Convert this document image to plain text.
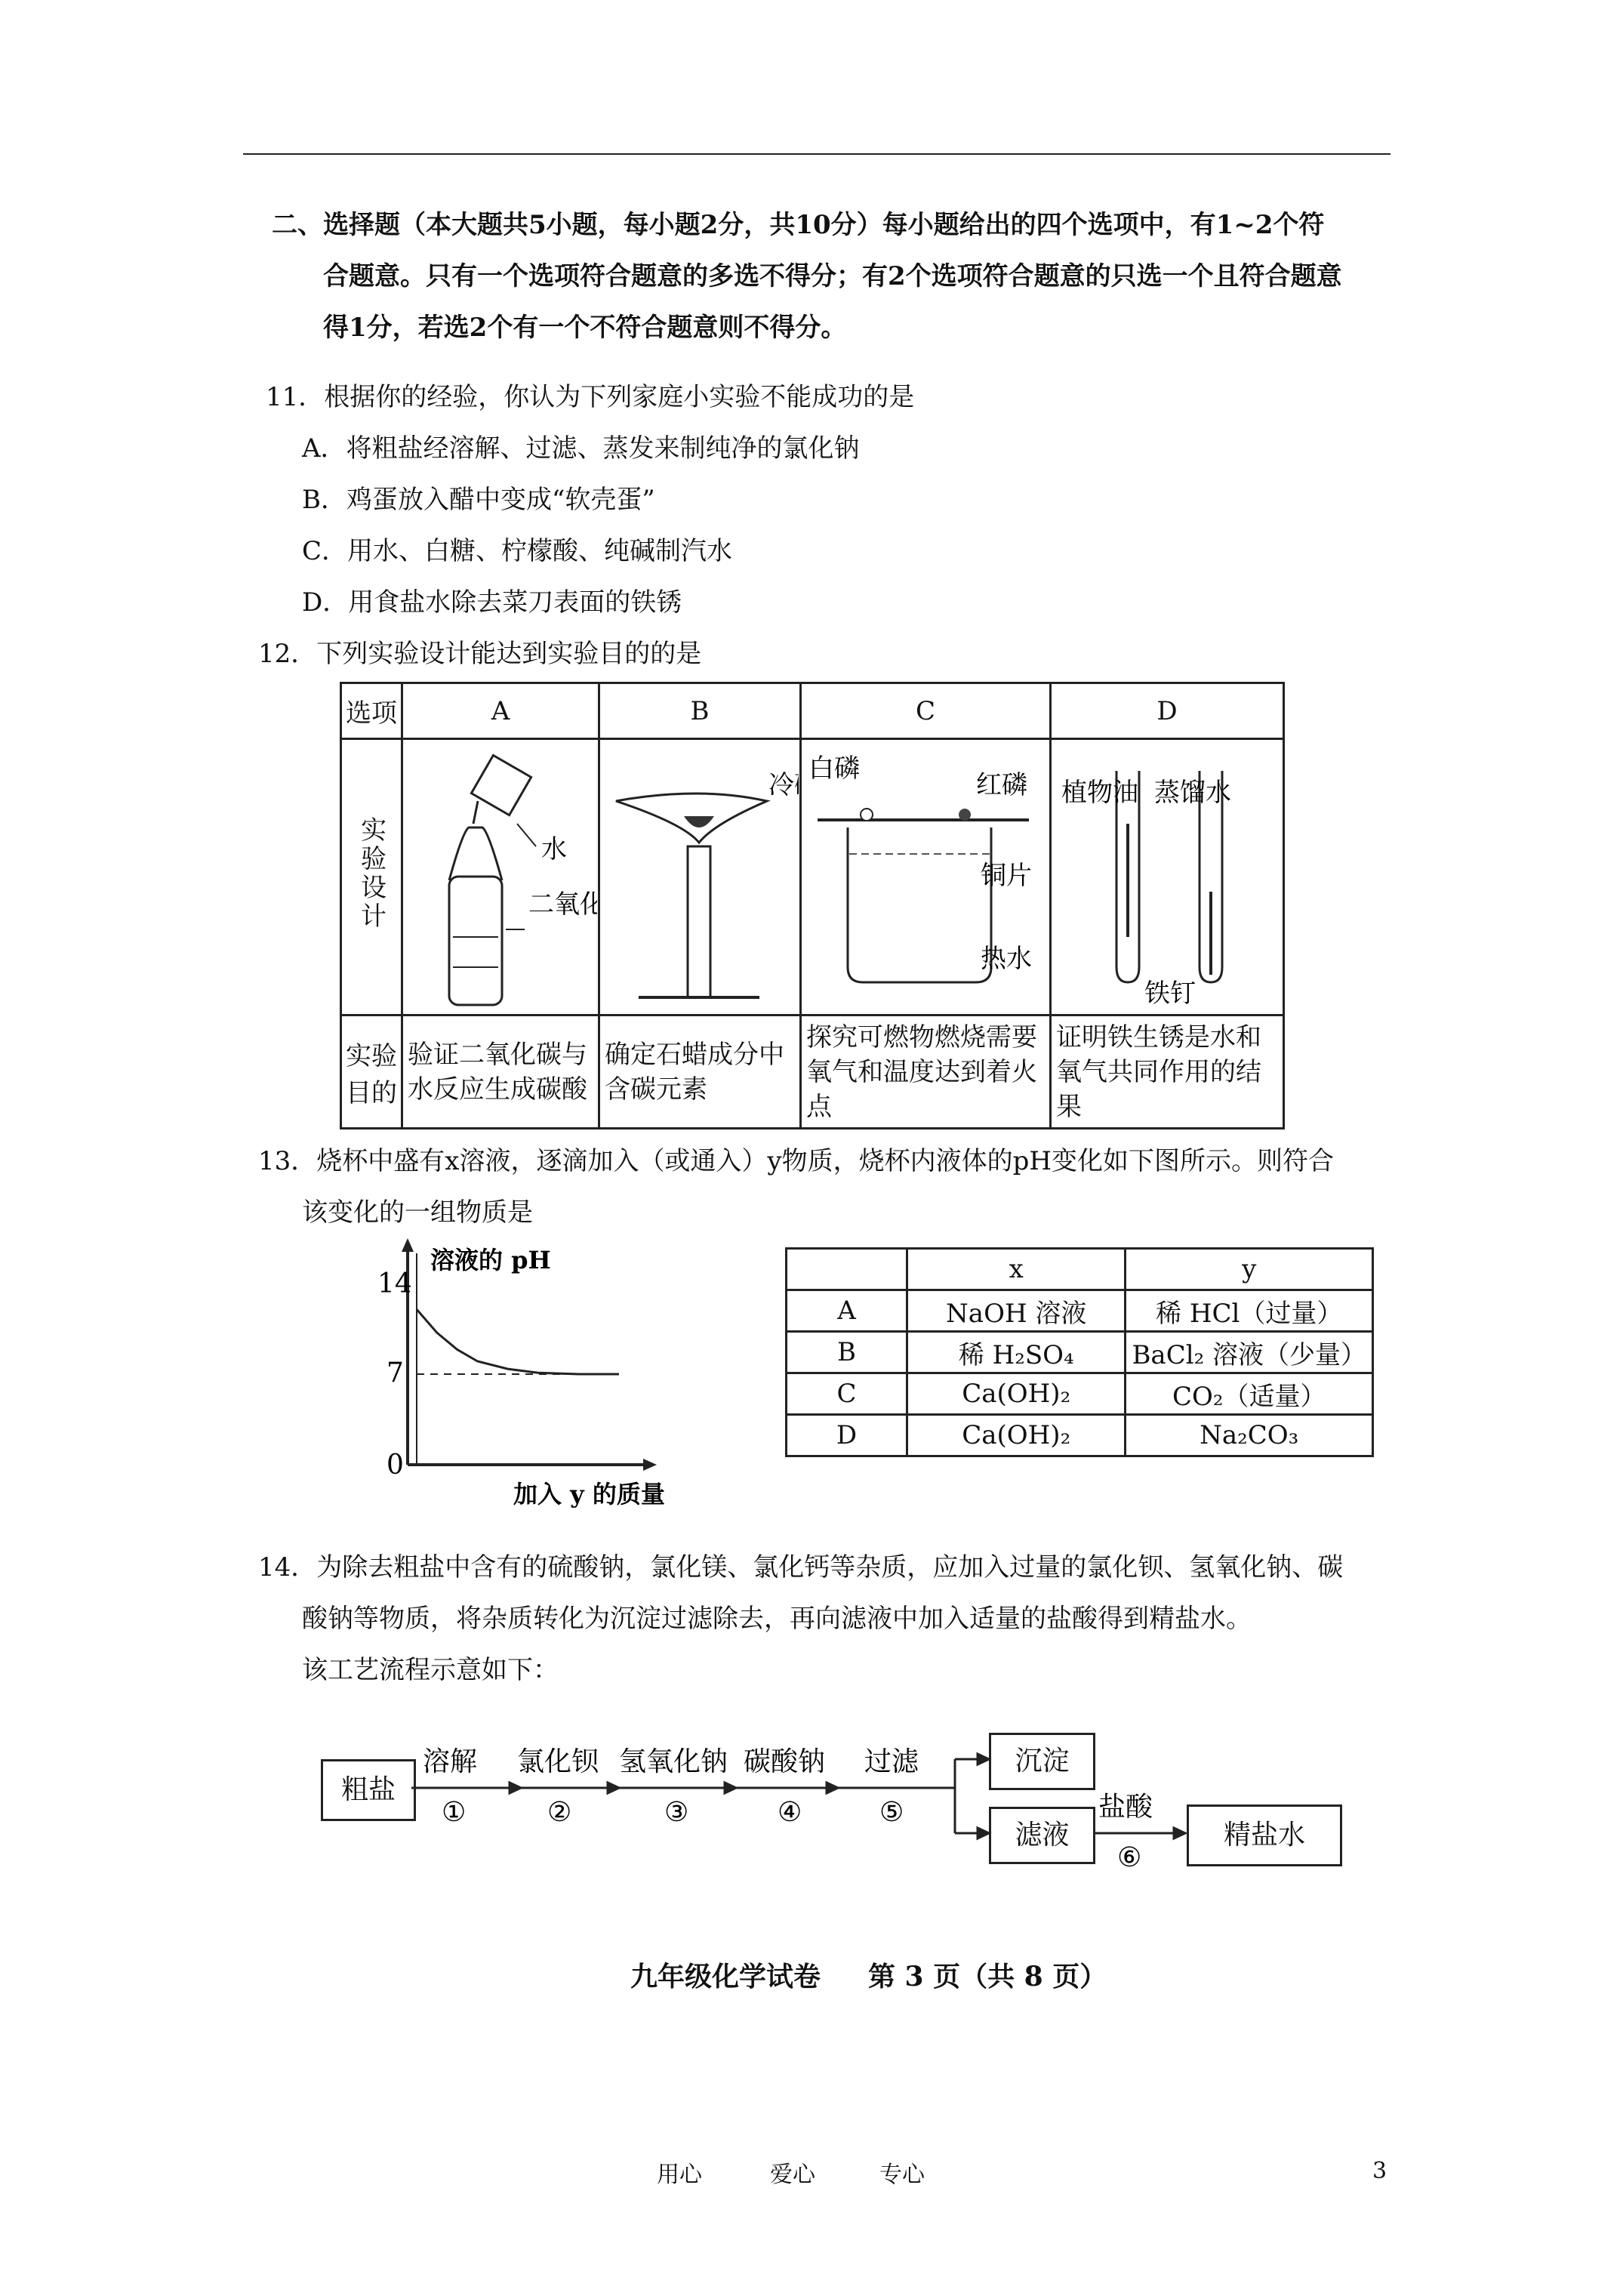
二、选择题（本大题共5小题，每小题2分，共10分）每小题给出的四个选项中，有1~2个符
合题意。只有一个选项符合题意的多选不得分；有2个选项符合题意的只选一个且符合题意
得1分，若选2个有一个不符合题意则不得分。
11．根据你的经验，你认为下列家庭小实验不能成功的是
A．将粗盐经溶解、过滤、蒸发来制纯净的氯化钠
B．鸡蛋放入醋中变成“软壳蛋”
C．用水、白糖、柠檬酸、纯碱制汽水
D．用食盐水除去菜刀表面的铁锈
12．下列实验设计能达到实验目的的是
选项	A	B	C	D
实验设计	水
二氧化	冷	白磷
红磷
铜片
热水	植物油 蒸馏水
铁钉

实验目的	验证二氧化碳与水反应生成碳酸	确定石蜡成分中含碳元素	探究可燃物燃烧需要氧气和温度达到着火点	证明铁生锈是水和氧气共同作用的结果
13．烧杯中盛有x溶液，逐滴加入（或通入）y物质，烧杯内液体的pH变化如下图所示。则符合
该变化的一组物质是
14
7
0
溶液的 pH
加入 y 的质量
	x	y
A	NaOH 溶液	稀 HCl（过量）
B	稀 H₂SO₄	BaCl₂ 溶液（少量）
C	Ca(OH)₂	CO₂（适量）
D	Ca(OH)₂	Na₂CO₃
14．为除去粗盐中含有的硫酸钠，氯化镁、氯化钙等杂质，应加入过量的氯化钡、氢氧化钠、碳
酸钠等物质，将杂质转化为沉淀过滤除去，再向滤液中加入适量的盐酸得到精盐水。
该工艺流程示意如下：
粗盐
溶解
①
氯化钡
②
氢氧化钠
③
碳酸钠
④
过滤
⑤	盐酸
⑥
沉淀
滤液	精盐水
九年级化学试卷 第 3 页（共 8 页）
用心	爱心	专心	3
